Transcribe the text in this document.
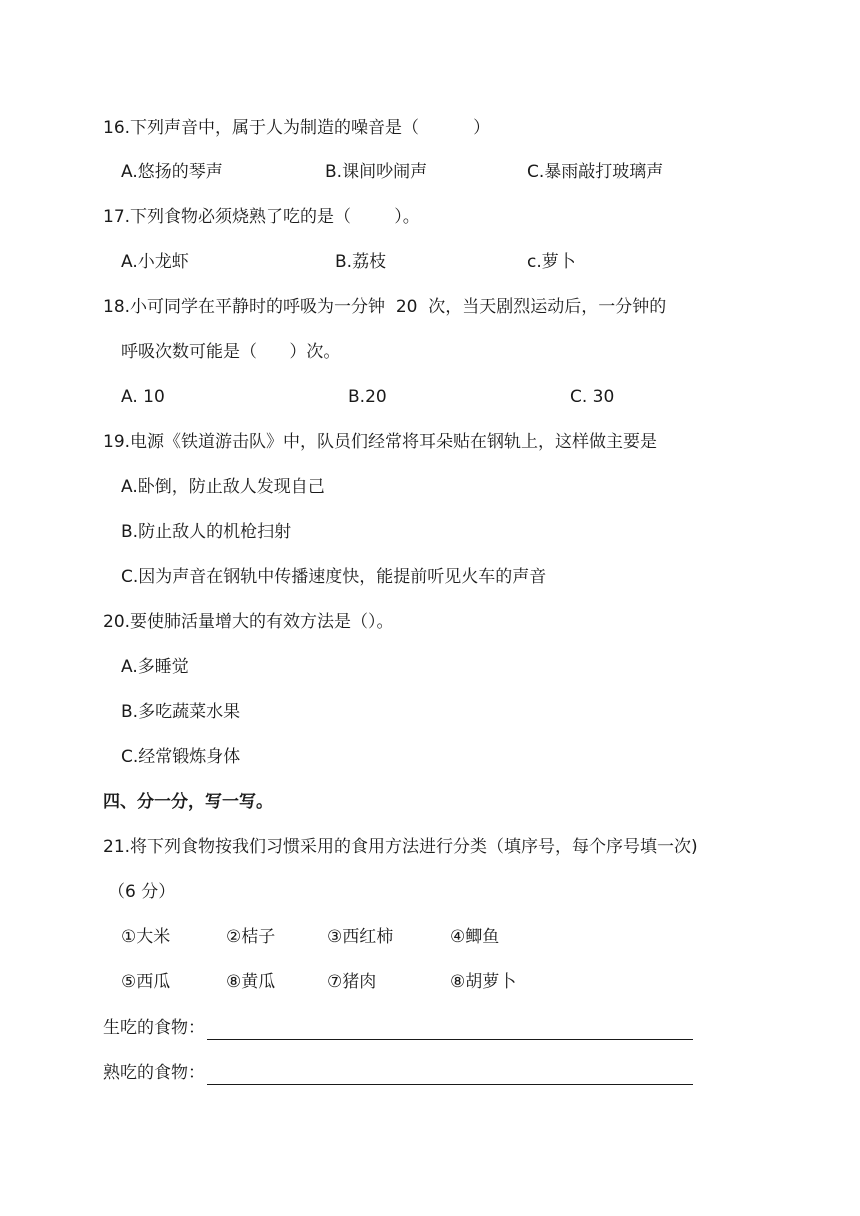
16.下列声音中，属于人为制造的噪音是（          ）
A.悠扬的琴声	B.课间吵闹声	C.暴雨敲打玻璃声
17.下列食物必须烧熟了吃的是（        ）。
A.小龙虾	B.荔枝	c.萝卜
18.小可同学在平静时的呼吸为一分钟  20  次，当天剧烈运动后，一分钟的
呼吸次数可能是（      ）次。
A. 10	B.20	C. 30
19.电源《铁道游击队》中，队员们经常将耳朵贴在钢轨上，这样做主要是
A.卧倒，防止敌人发现自己
B.防止敌人的机枪扫射
C.因为声音在钢轨中传播速度快，能提前听见火车的声音
20.要使肺活量增大的有效方法是（）。
A.多睡觉
B.多吃蔬菜水果
C.经常锻炼身体
四、分一分，写一写。
21.将下列食物按我们习惯采用的食用方法进行分类（填序号，每个序号填一次)
（6 分）
①大米	②桔子	③西红柿	④鲫鱼
⑤西瓜	⑧黄瓜	⑦猪肉	⑧胡萝卜
生吃的食物：
熟吃的食物：
